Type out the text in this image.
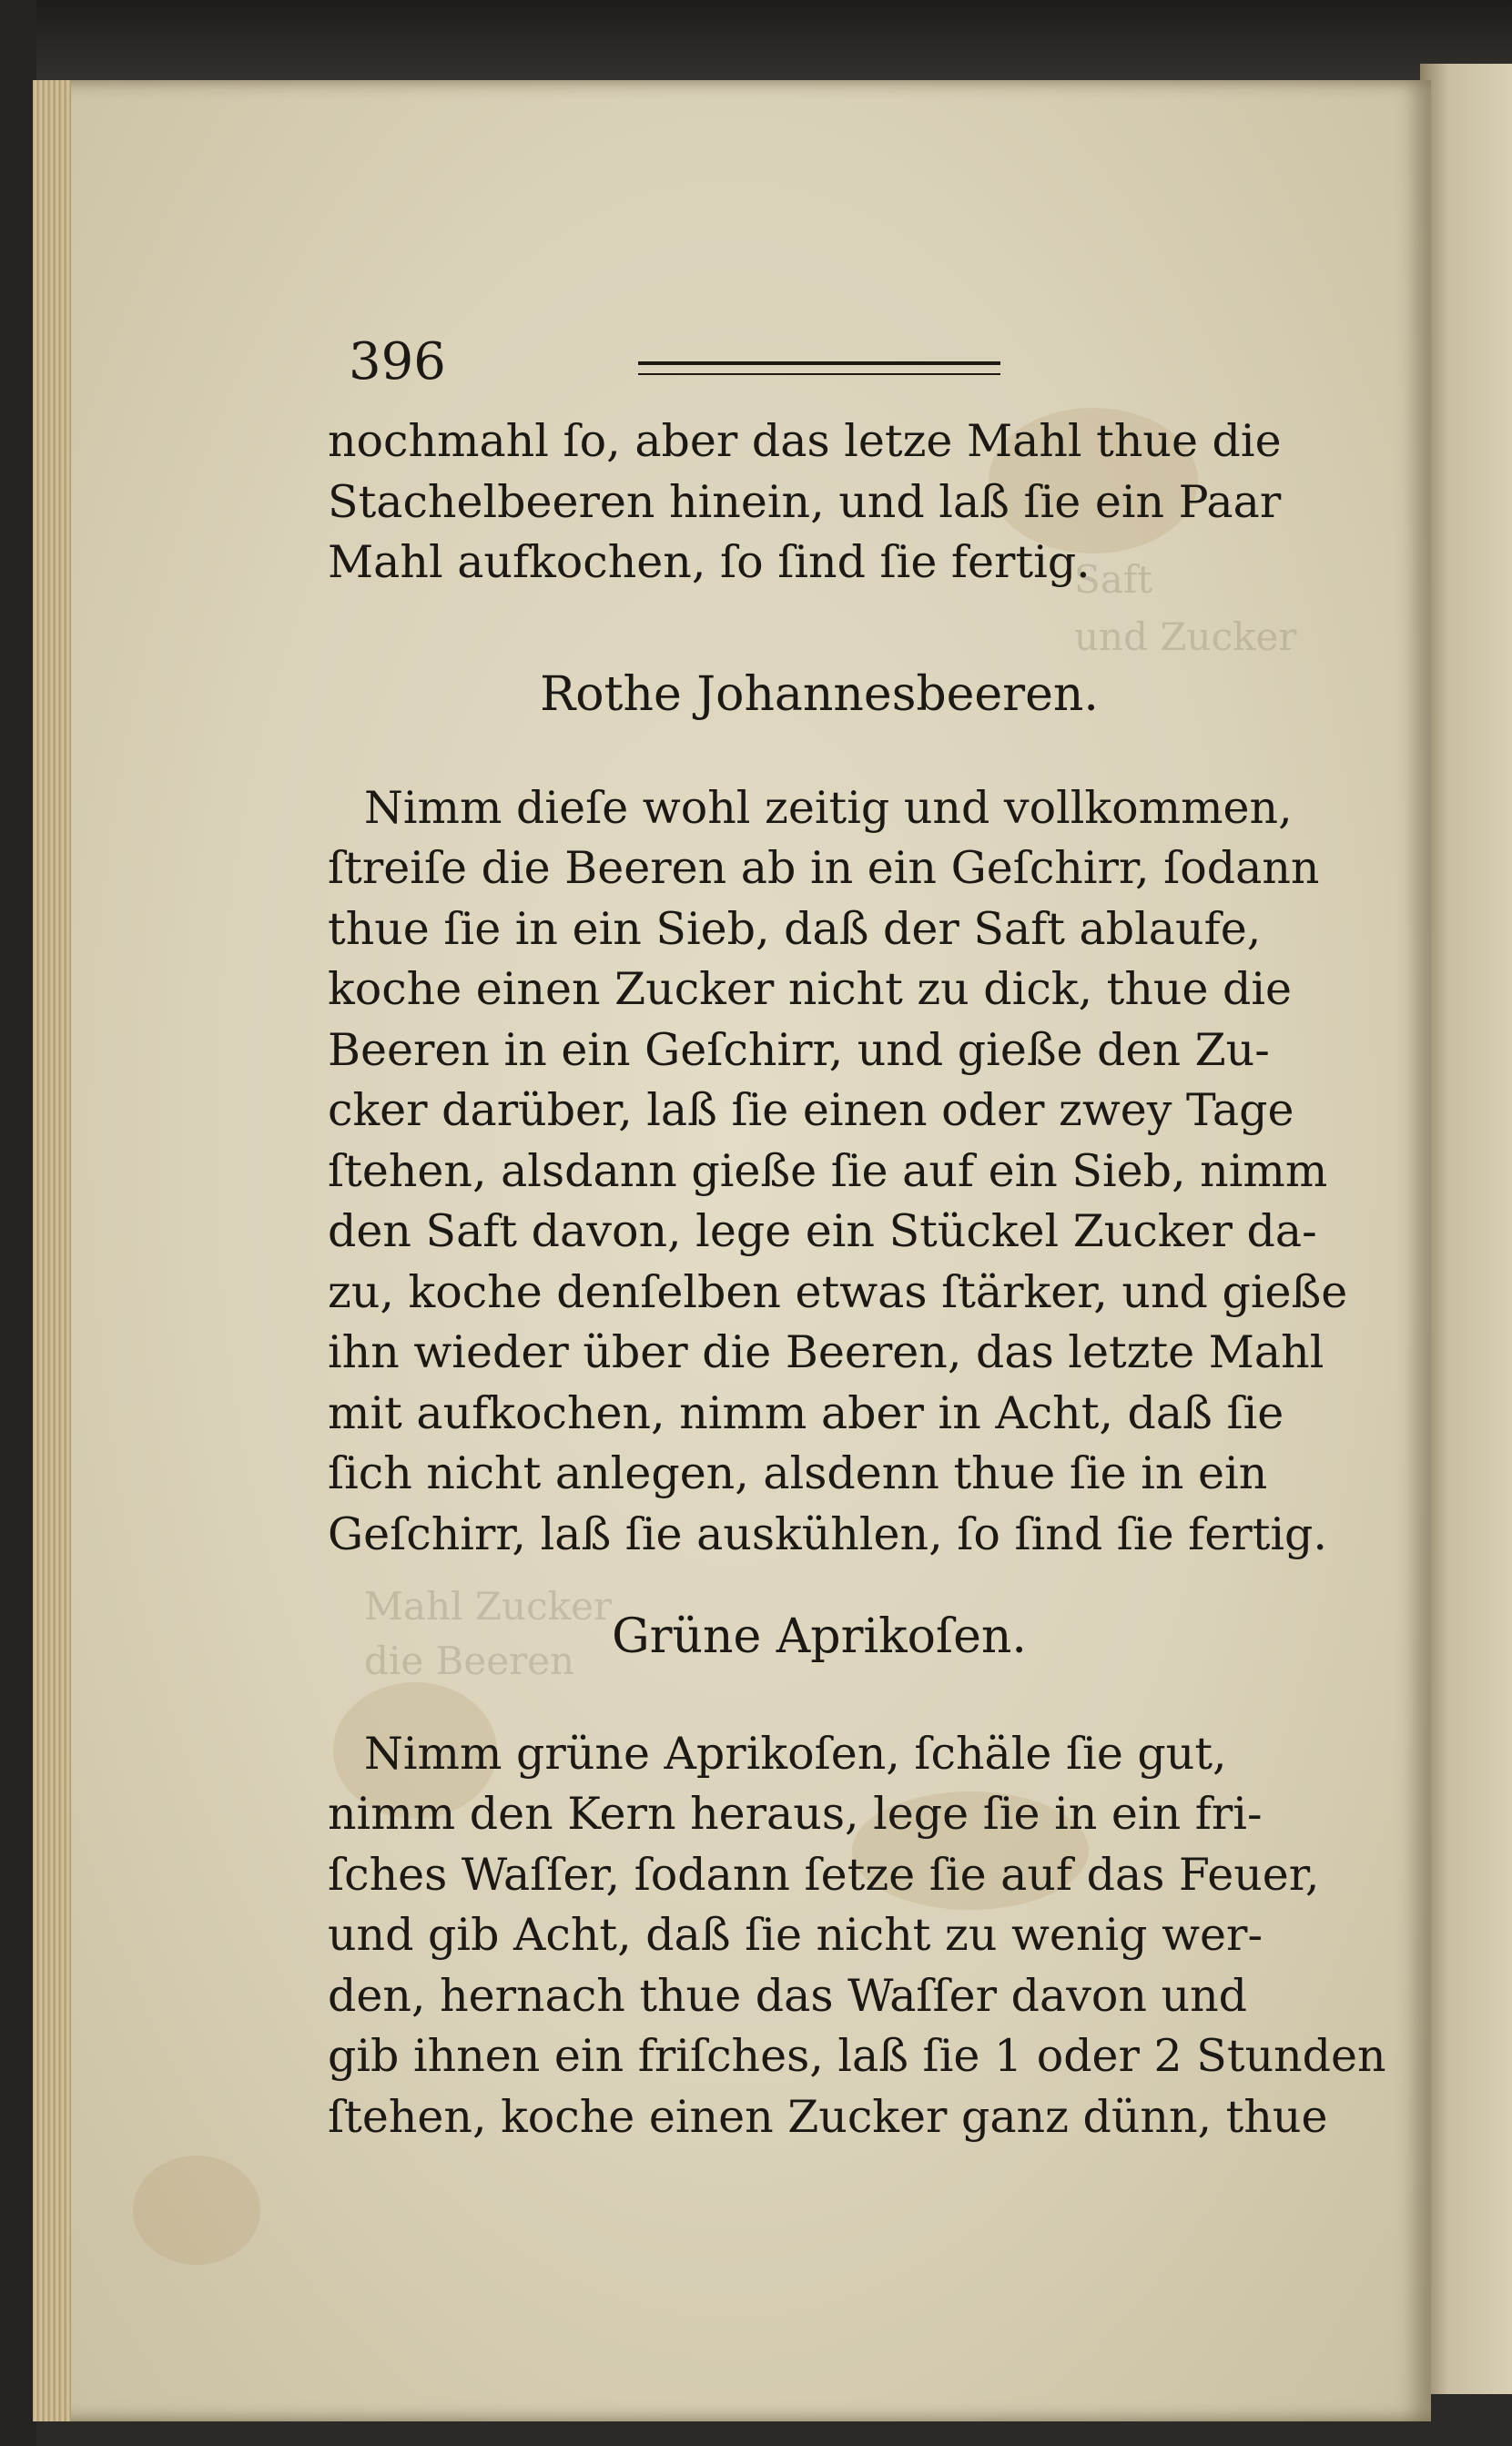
Saft
und Zucker
Mahl Zucker
die Beeren
396
nochmahl ſo, aber das letze Mahl thue die
Stachelbeeren hinein, und laß ſie ein Paar
Mahl aufkochen, ſo ſind ſie fertig.
Rothe Johannesbeeren.
Nimm dieſe wohl zeitig und vollkommen,
ſtreiſe die Beeren ab in ein Geſchirr, ſodann
thue ſie in ein Sieb, daß der Saft ablaufe,
koche einen Zucker nicht zu dick, thue die
Beeren in ein Geſchirr, und gieße den Zu-
cker darüber, laß ſie einen oder zwey Tage
ſtehen, alsdann gieße ſie auf ein Sieb, nimm
den Saft davon, lege ein Stückel Zucker da-
zu, koche denſelben etwas ſtärker, und gieße
ihn wieder über die Beeren, das letzte Mahl
mit aufkochen, nimm aber in Acht, daß ſie
ſich nicht anlegen, alsdenn thue ſie in ein
Geſchirr, laß ſie auskühlen, ſo ſind ſie fertig.
Grüne Aprikoſen.
Nimm grüne Aprikoſen, ſchäle ſie gut,
nimm den Kern heraus, lege ſie in ein fri-
ſches Waſſer, ſodann ſetze ſie auf das Feuer,
und gib Acht, daß ſie nicht zu wenig wer-
den, hernach thue das Waſſer davon und
gib ihnen ein friſches, laß ſie 1 oder 2 Stunden
ſtehen, koche einen Zucker ganz dünn, thue
